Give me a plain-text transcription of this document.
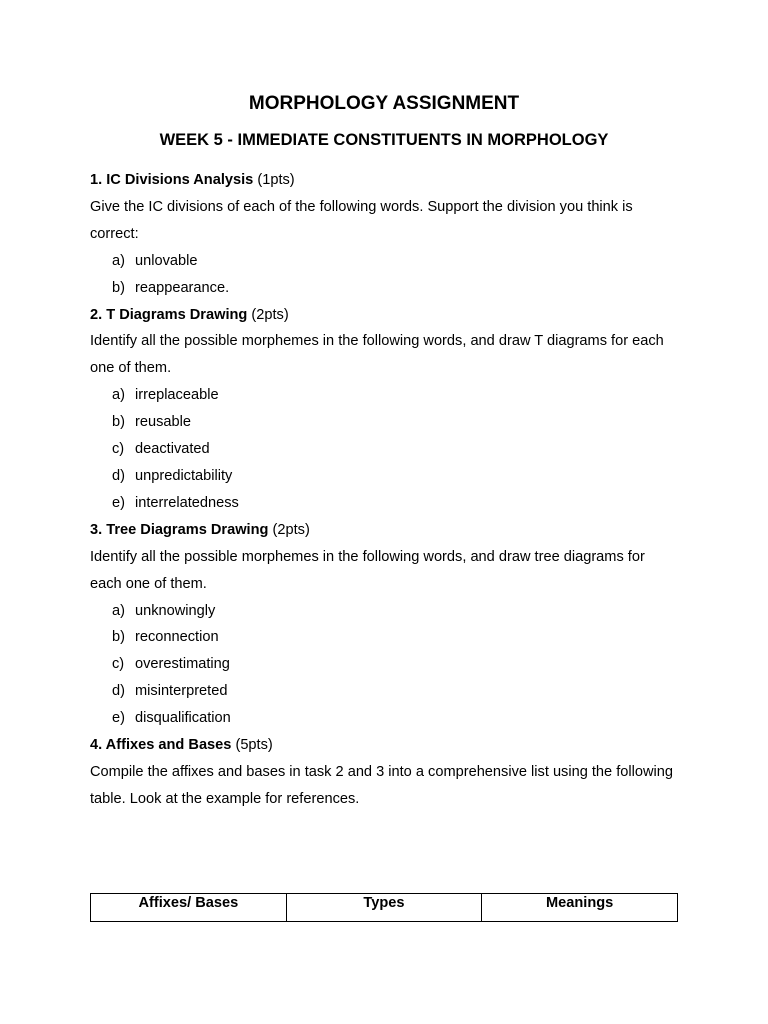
MORPHOLOGY ASSIGNMENT
WEEK 5 - IMMEDIATE CONSTITUENTS IN MORPHOLOGY
1. IC Divisions Analysis (1pts)

Give the IC divisions of each of the following words. Support the division you think is correct:

a) unlovable
b) reappearance.
2. T Diagrams Drawing (2pts)

Identify all the possible morphemes in the following words, and draw T diagrams for each one of them.

a) irreplaceable
b) reusable
c) deactivated
d) unpredictability
e) interrelatedness
3. Tree Diagrams Drawing (2pts)

Identify all the possible morphemes in the following words, and draw tree diagrams for each one of them.

a) unknowingly
b) reconnection
c) overestimating
d) misinterpreted
e) disqualification
4. Affixes and Bases (5pts)

Compile the affixes and bases in task 2 and 3 into a comprehensive list using the following table. Look at the example for references.

Affixes/ Bases	Types	Meanings
